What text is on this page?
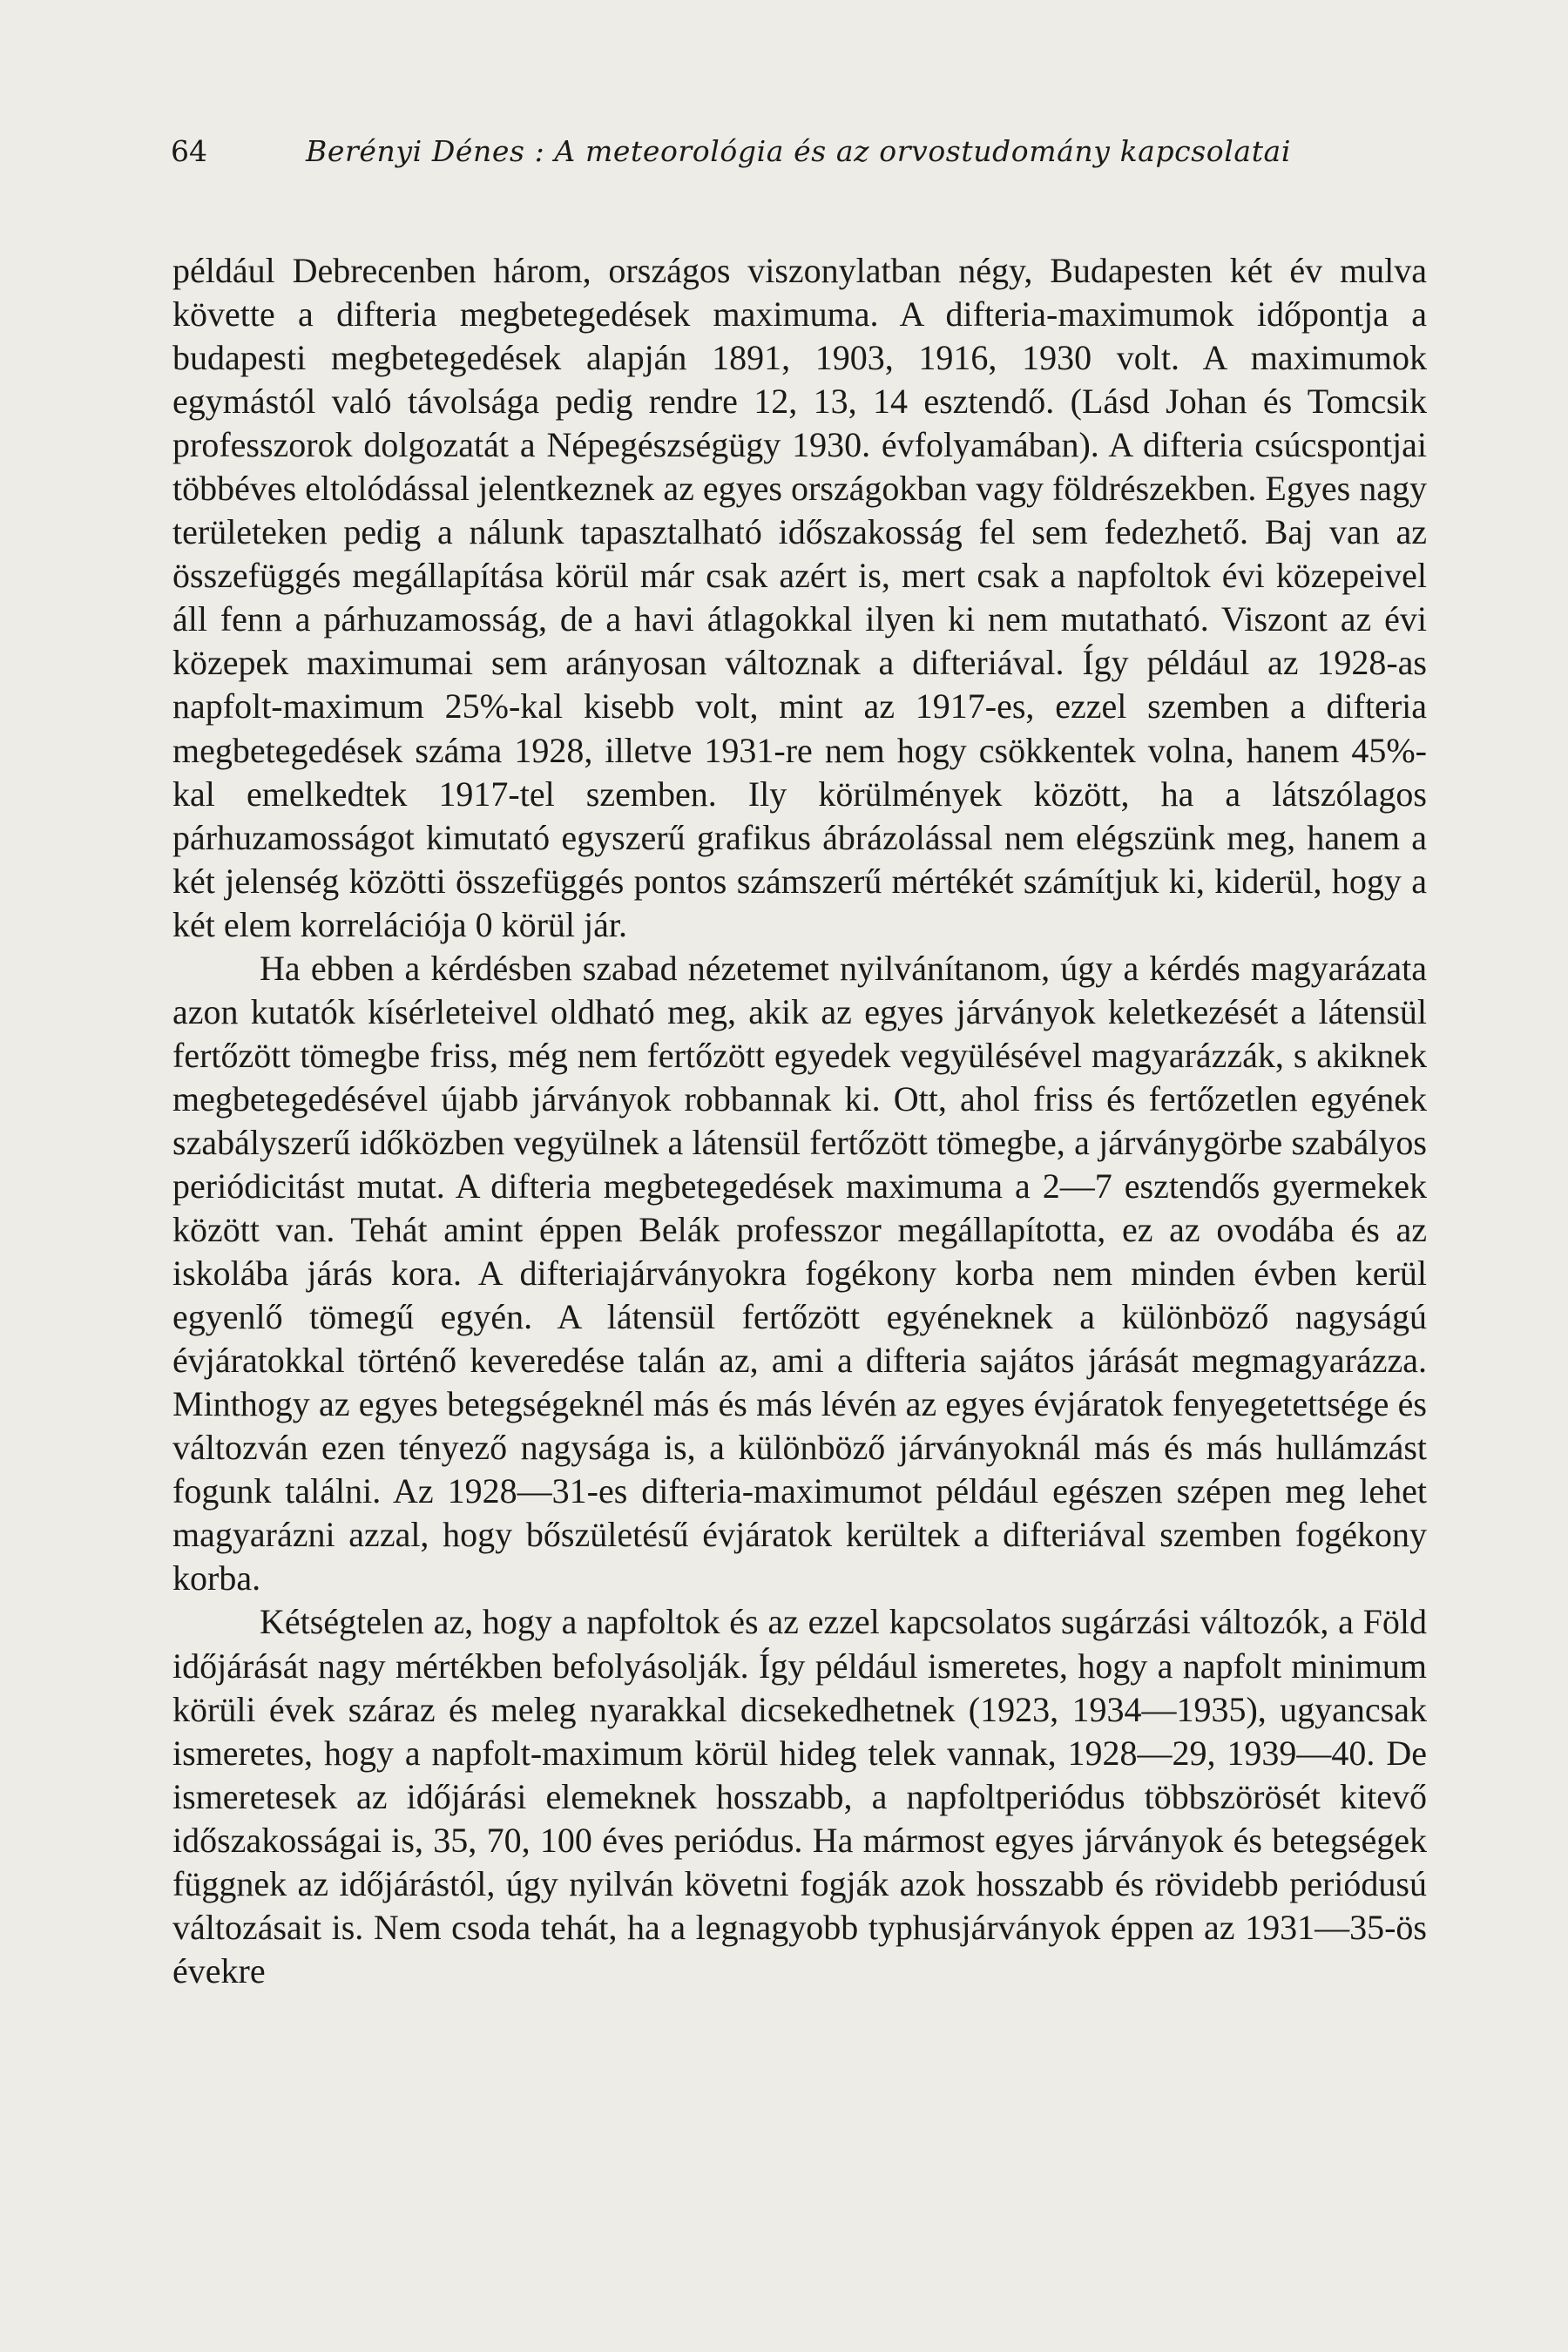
64	Berényi Dénes : A meteorológia és az orvostudomány kapcsolatai

például Debrecenben három, országos viszonylatban négy, Budapesten két év mulva követte a difteria megbetegedések maximuma. A difteria-maximumok időpontja a budapesti megbetegedések alapján 1891, 1903, 1916, 1930 volt. A maximumok egymástól való távolsága pedig rendre 12, 13, 14 esztendő. (Lásd Johan és Tomcsik professzorok dolgozatát a Népegészségügy 1930. évfolyamában). A difteria csúcspontjai többéves eltolódással jelentkeznek az egyes országokban vagy földrészekben. Egyes nagy területeken pedig a nálunk tapasztalható időszakosság fel sem fedezhető. Baj van az összefüggés megállapítása körül már csak azért is, mert csak a napfoltok évi közepeivel áll fenn a párhuzamosság, de a havi átlagokkal ilyen ki nem mutatható. Viszont az évi közepek maximumai sem arányosan változnak a difteriával. Így például az 1928-as napfolt-maximum 25%-kal kisebb volt, mint az 1917-es, ezzel szemben a difteria megbetegedések száma 1928, illetve 1931-re nem hogy csökkentek volna, hanem 45%-kal emelkedtek 1917-tel szemben. Ily körülmények között, ha a látszólagos párhuzamosságot kimutató egyszerű grafikus ábrázolással nem elégszünk meg, hanem a két jelenség közötti összefüggés pontos számszerű mértékét számítjuk ki, kiderül, hogy a két elem korrelációja 0 körül jár.

Ha ebben a kérdésben szabad nézetemet nyilvánítanom, úgy a kérdés magyarázata azon kutatók kísérleteivel oldható meg, akik az egyes járványok keletkezését a látensül fertőzött tömegbe friss, még nem fertőzött egyedek vegyülésével magyarázzák, s akiknek megbetegedésével újabb járványok robbannak ki. Ott, ahol friss és fertőzetlen egyének szabályszerű időközben vegyülnek a látensül fertőzött tömegbe, a járványgörbe szabályos periódicitást mutat. A difteria megbetegedések maximuma a 2—7 esztendős gyermekek között van. Tehát amint éppen Belák professzor megállapította, ez az ovodába és az iskolába járás kora. A difteriajárványokra fogékony korba nem minden évben kerül egyenlő tömegű egyén. A látensül fertőzött egyéneknek a különböző nagyságú évjáratokkal történő keveredése talán az, ami a difteria sajátos járását megmagyarázza. Minthogy az egyes betegségeknél más és más lévén az egyes évjáratok fenyegetettsége és változván ezen tényező nagysága is, a különböző járványoknál más és más hullámzást fogunk találni. Az 1928—31-es difteria-maximumot például egészen szépen meg lehet magyarázni azzal, hogy bőszületésű évjáratok kerültek a difteriával szemben fogékony korba.

Kétségtelen az, hogy a napfoltok és az ezzel kapcsolatos sugárzási változók, a Föld időjárását nagy mértékben befolyásolják. Így például ismeretes, hogy a napfolt minimum körüli évek száraz és meleg nyarakkal dicsekedhetnek (1923, 1934—1935), ugyancsak ismeretes, hogy a napfolt-maximum körül hideg telek vannak, 1928—29, 1939—40. De ismeretesek az időjárási elemeknek hosszabb, a napfoltperiódus többszörösét kitevő időszakosságai is, 35, 70, 100 éves periódus. Ha mármost egyes járványok és betegségek függnek az időjárástól, úgy nyilván követni fogják azok hosszabb és rövidebb periódusú változásait is. Nem csoda tehát, ha a legnagyobb typhusjárványok éppen az 1931—35-ös évekre
